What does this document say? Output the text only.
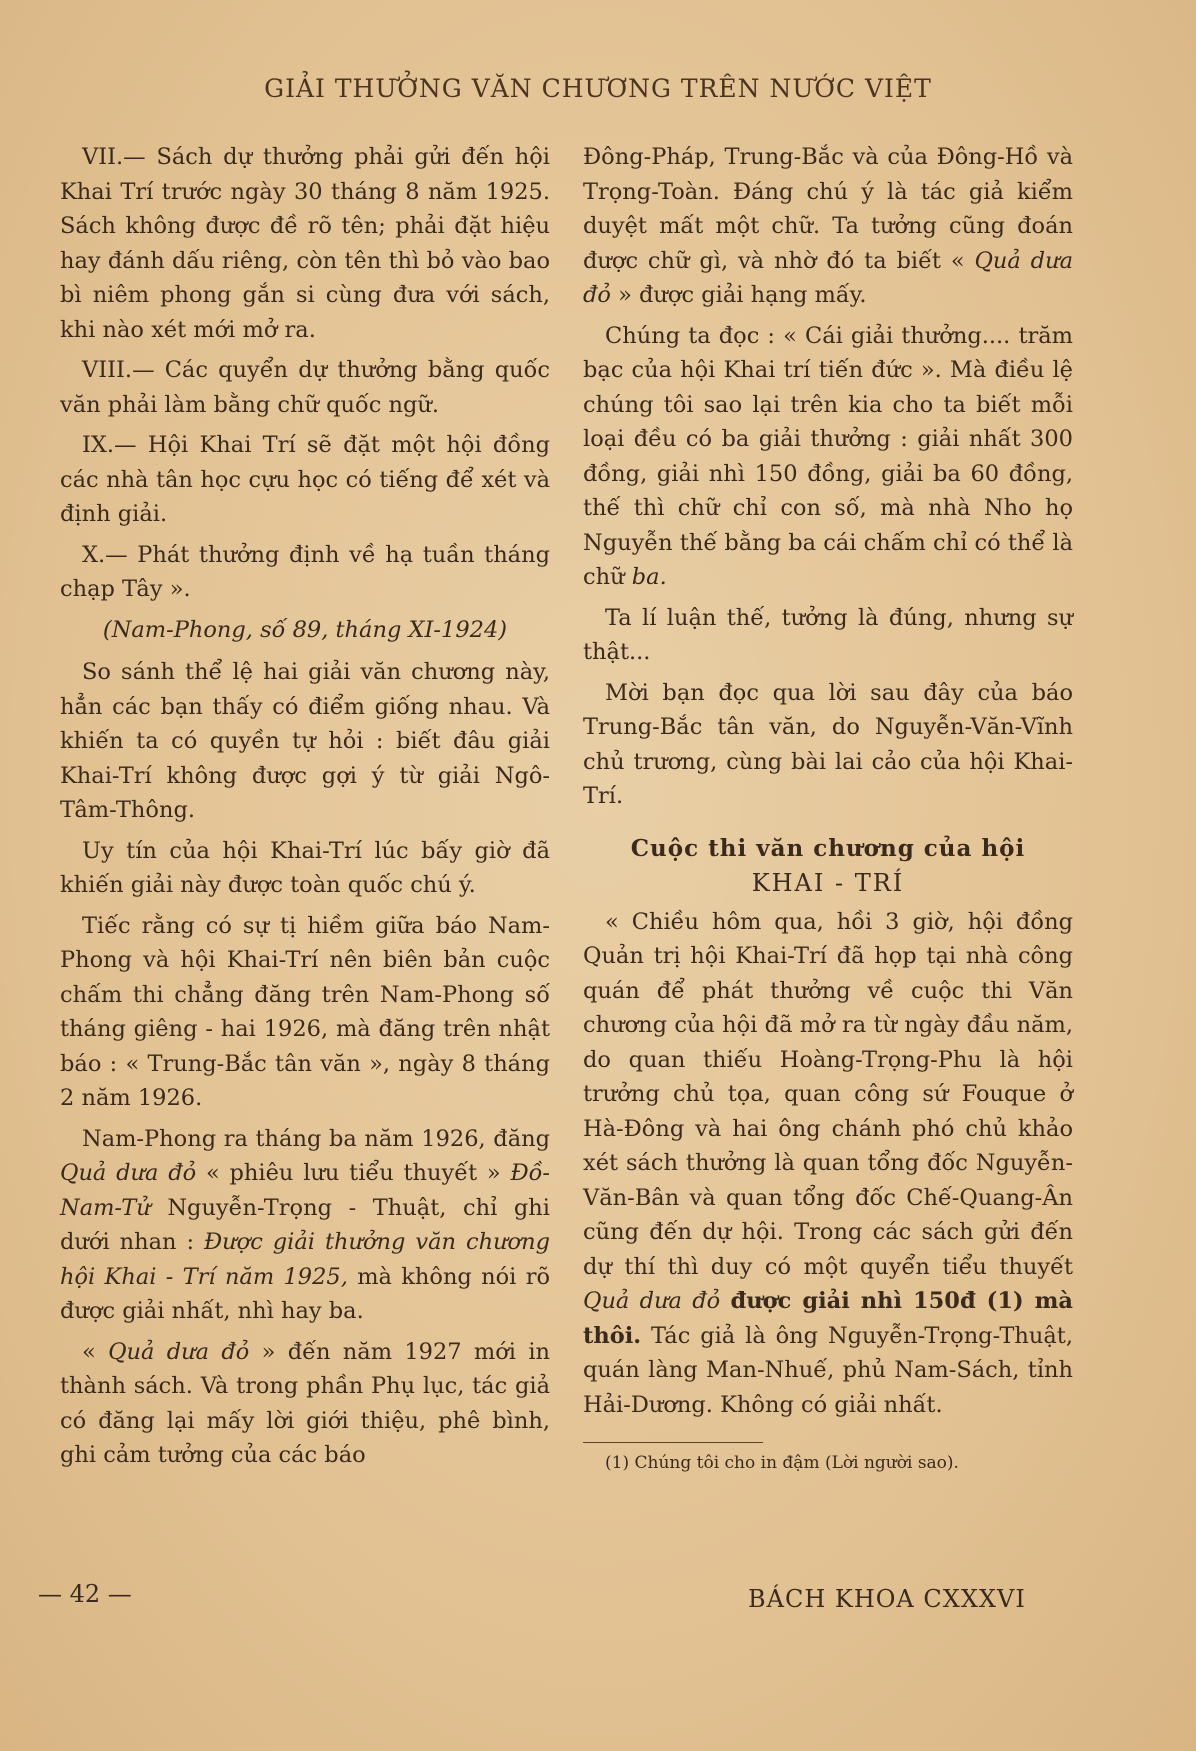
GIẢI THƯỞNG VĂN CHƯƠNG TRÊN NƯỚC VIỆT

VII.— Sách dự thưởng phải gửi đến hội Khai Trí trước ngày 30 tháng 8 năm 1925. Sách không được đề rõ tên; phải đặt hiệu hay đánh dấu riêng, còn tên thì bỏ vào bao bì niêm phong gắn si cùng đưa với sách, khi nào xét mới mở ra.

VIII.— Các quyển dự thưởng bằng quốc văn phải làm bằng chữ quốc ngữ.

IX.— Hội Khai Trí sẽ đặt một hội đồng các nhà tân học cựu học có tiếng để xét và định giải.

X.— Phát thưởng định về hạ tuần tháng chạp Tây ».

(Nam-Phong, số 89, tháng XI-1924)

So sánh thể lệ hai giải văn chương này, hẳn các bạn thấy có điểm giống nhau. Và khiến ta có quyền tự hỏi : biết đâu giải Khai-Trí không được gợi ý từ giải Ngô-Tâm-Thông.

Uy tín của hội Khai-Trí lúc bấy giờ đã khiến giải này được toàn quốc chú ý.

Tiếc rằng có sự tị hiềm giữa báo Nam-Phong và hội Khai-Trí nên biên bản cuộc chấm thi chẳng đăng trên Nam-Phong số tháng giêng - hai 1926, mà đăng trên nhật báo : « Trung-Bắc tân văn », ngày 8 tháng 2 năm 1926.

Nam-Phong ra tháng ba năm 1926, đăng Quả dưa đỏ « phiêu lưu tiểu thuyết » Đồ-Nam-Tử Nguyễn-Trọng - Thuật, chỉ ghi dưới nhan : Được giải thưởng văn chương hội Khai - Trí năm 1925, mà không nói rõ được giải nhất, nhì hay ba.

« Quả dưa đỏ » đến năm 1927 mới in thành sách. Và trong phần Phụ lục, tác giả có đăng lại mấy lời giới thiệu, phê bình, ghi cảm tưởng của các báo

Đông-Pháp, Trung-Bắc và của Đông-Hồ và Trọng-Toàn. Đáng chú ý là tác giả kiểm duyệt mất một chữ. Ta tưởng cũng đoán được chữ gì, và nhờ đó ta biết « Quả dưa đỏ » được giải hạng mấy.

Chúng ta đọc : « Cái giải thưởng.... trăm bạc của hội Khai trí tiến đức ». Mà điều lệ chúng tôi sao lại trên kia cho ta biết mỗi loại đều có ba giải thưởng : giải nhất 300 đồng, giải nhì 150 đồng, giải ba 60 đồng, thế thì chữ chỉ con số, mà nhà Nho họ Nguyễn thế bằng ba cái chấm chỉ có thể là chữ ba.

Ta lí luận thế, tưởng là đúng, nhưng sự thật...

Mời bạn đọc qua lời sau đây của báo Trung-Bắc tân văn, do Nguyễn-Văn-Vĩnh chủ trương, cùng bài lai cảo của hội Khai-Trí.

Cuộc thi văn chương của hội
KHAI - TRÍ

« Chiều hôm qua, hồi 3 giờ, hội đồng Quản trị hội Khai-Trí đã họp tại nhà công quán để phát thưởng về cuộc thi Văn chương của hội đã mở ra từ ngày đầu năm, do quan thiếu Hoàng-Trọng-Phu là hội trưởng chủ tọa, quan công sứ Fouque ở Hà-Đông và hai ông chánh phó chủ khảo xét sách thưởng là quan tổng đốc Nguyễn-Văn-Bân và quan tổng đốc Chế-Quang-Ân cũng đến dự hội. Trong các sách gửi đến dự thí thì duy có một quyển tiểu thuyết Quả dưa đỏ được giải nhì 150đ (1) mà thôi. Tác giả là ông Nguyễn-Trọng-Thuật, quán làng Man-Nhuế, phủ Nam-Sách, tỉnh Hải-Dương. Không có giải nhất.

(1) Chúng tôi cho in đậm (Lời người sao).

— 42 —	BÁCH KHOA CXXXVI
